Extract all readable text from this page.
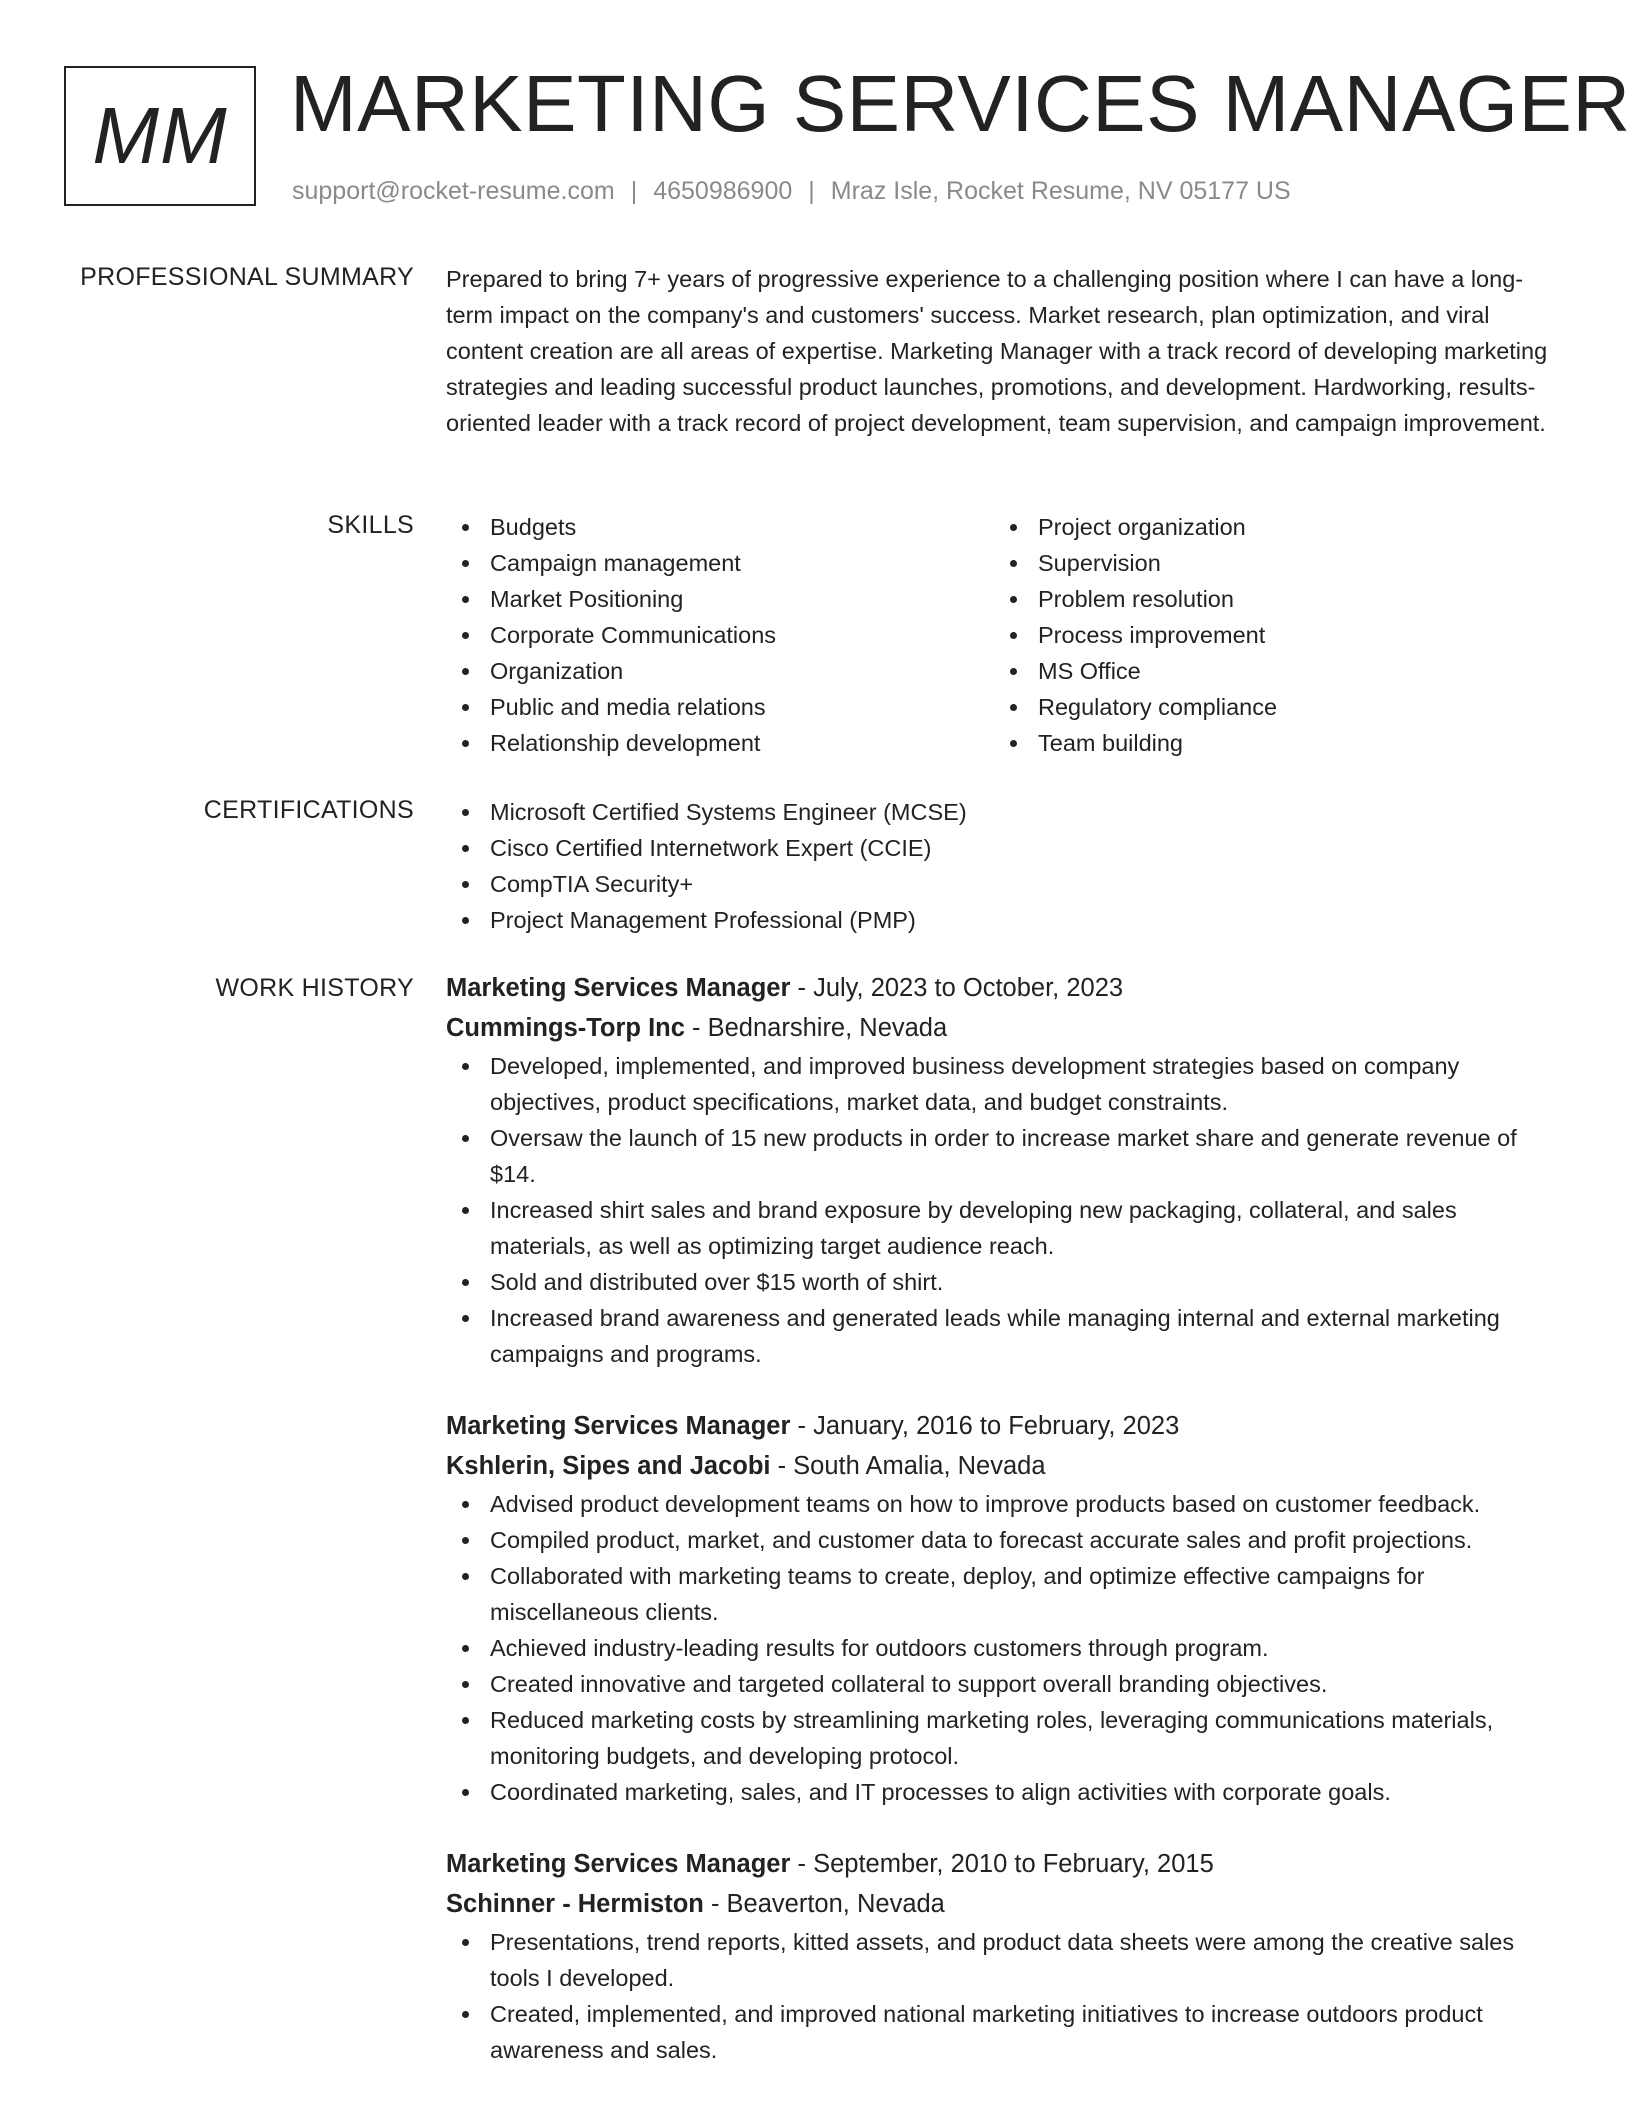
MM MARKETING SERVICES MANAGER
support@rocket-resume.com | 4650986900 | Mraz Isle, Rocket Resume, NV 05177 US
PROFESSIONAL SUMMARY Prepared to bring 7+ years of progressive experience to a challenging position where I can have a long-term impact on the company's and customers' success. Market research, plan optimization, and viral content creation are all areas of expertise. Marketing Manager with a track record of developing marketing strategies and leading successful product launches, promotions, and development. Hardworking, results-oriented leader with a track record of project development, team supervision, and campaign improvement.

SKILLS	Budgets
Campaign management
Market Positioning
Corporate Communications
Organization
Public and media relations
Relationship development
Project organization
Supervision
Problem resolution
Process improvement
MS Office
Regulatory compliance
Team building
CERTIFICATIONS	Microsoft Certified Systems Engineer (MCSE)
Cisco Certified Internetwork Expert (CCIE)
CompTIA Security+
Project Management Professional (PMP)
WORK HISTORY Marketing Services Manager - July, 2023 to October, 2023
Cummings-Torp Inc - Bednarshire, Nevada
Developed, implemented, and improved business development strategies based on company objectives, product specifications, market data, and budget constraints.
Oversaw the launch of 15 new products in order to increase market share and generate revenue of $14.
Increased shirt sales and brand exposure by developing new packaging, collateral, and sales materials, as well as optimizing target audience reach.
Sold and distributed over $15 worth of shirt.
Increased brand awareness and generated leads while managing internal and external marketing campaigns and programs.
Marketing Services Manager - January, 2016 to February, 2023
Kshlerin, Sipes and Jacobi - South Amalia, Nevada
Advised product development teams on how to improve products based on customer feedback.
Compiled product, market, and customer data to forecast accurate sales and profit projections.
Collaborated with marketing teams to create, deploy, and optimize effective campaigns for miscellaneous clients.
Achieved industry-leading results for outdoors customers through program.
Created innovative and targeted collateral to support overall branding objectives.
Reduced marketing costs by streamlining marketing roles, leveraging communications materials, monitoring budgets, and developing protocol.
Coordinated marketing, sales, and IT processes to align activities with corporate goals.
Marketing Services Manager - September, 2010 to February, 2015
Schinner - Hermiston - Beaverton, Nevada
Presentations, trend reports, kitted assets, and product data sheets were among the creative sales tools I developed.
Created, implemented, and improved national marketing initiatives to increase outdoors product awareness and sales.
